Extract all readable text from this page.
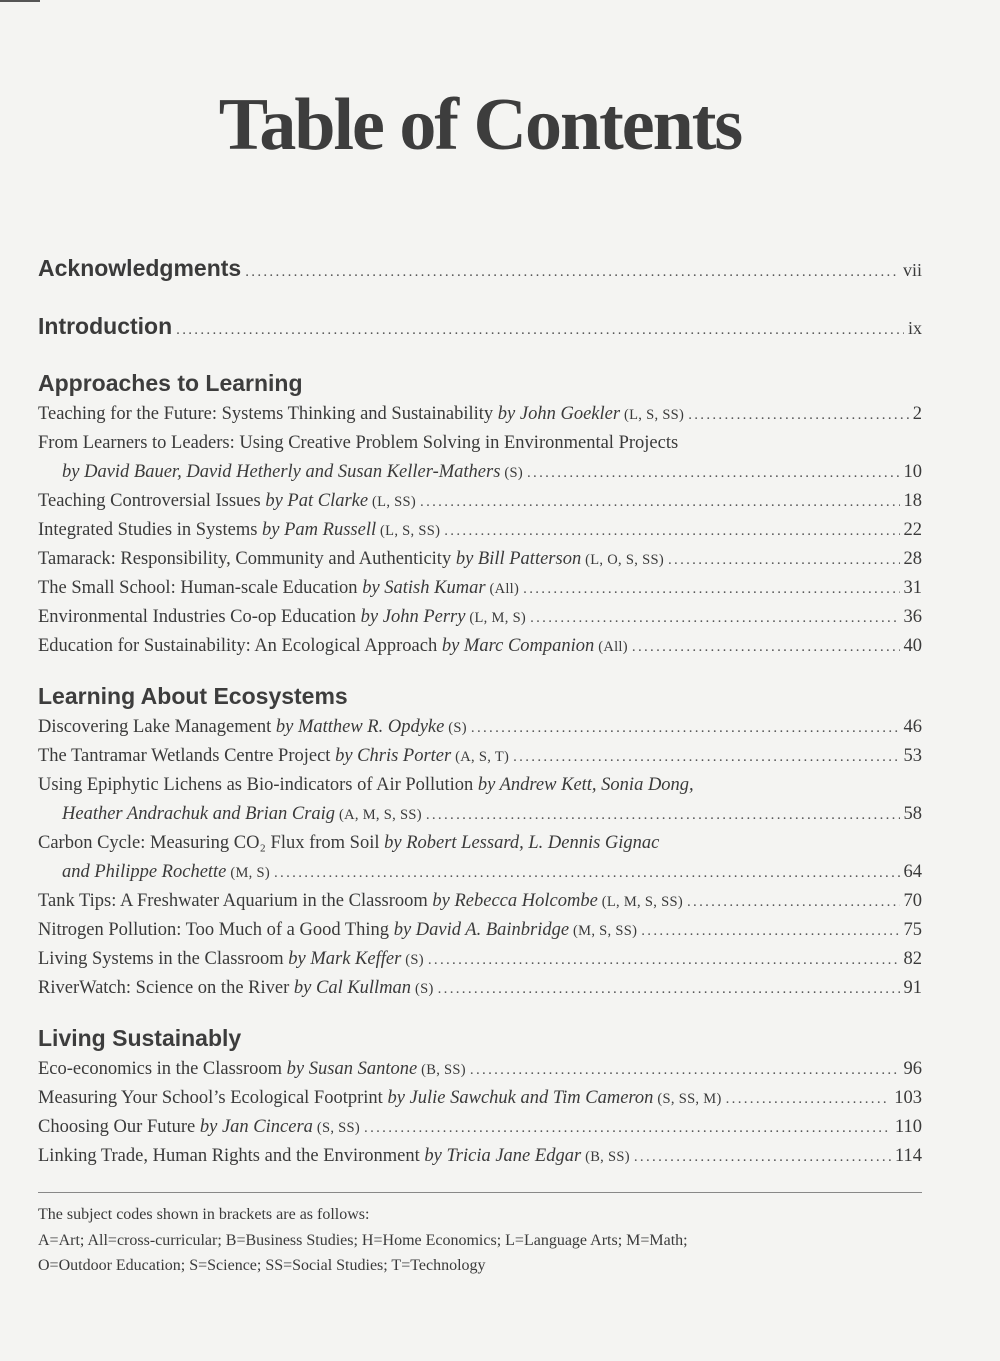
Table of Contents
Acknowledgments .....	vii
Introduction .....	ix
Approaches to Learning
Teaching for the Future: Systems Thinking and Sustainability by John Goekler (L, S, SS) .....	2
From Learners to Leaders: Using Creative Problem Solving in Environmental Projects
by David Bauer, David Hetherly and Susan Keller-Mathers (S) .....	10
Teaching Controversial Issues by Pat Clarke (L, SS) .....	18
Integrated Studies in Systems by Pam Russell (L, S, SS) .....	22
Tamarack: Responsibility, Community and Authenticity by Bill Patterson (L, O, S, SS) .....	28
The Small School: Human-scale Education by Satish Kumar (All) .....	31
Environmental Industries Co-op Education by John Perry (L, M, S) .....	36
Education for Sustainability: An Ecological Approach by Marc Companion (All) .....	40
Learning About Ecosystems
Discovering Lake Management by Matthew R. Opdyke (S) .....	46
The Tantramar Wetlands Centre Project by Chris Porter (A, S, T) .....	53
Using Epiphytic Lichens as Bio-indicators of Air Pollution by Andrew Kett, Sonia Dong,
Heather Andrachuk and Brian Craig (A, M, S, SS) .....	58
Carbon Cycle: Measuring CO₂ Flux from Soil by Robert Lessard, L. Dennis Gignac
and Philippe Rochette (M, S) .....	64
Tank Tips: A Freshwater Aquarium in the Classroom by Rebecca Holcombe (L, M, S, SS) .....	70
Nitrogen Pollution: Too Much of a Good Thing by David A. Bainbridge (M, S, SS) .....	75
Living Systems in the Classroom by Mark Keffer (S) .....	82
RiverWatch: Science on the River by Cal Kullman (S) .....	91
Living Sustainably
Eco-economics in the Classroom by Susan Santone (B, SS) .....	96
Measuring Your School’s Ecological Footprint by Julie Sawchuk and Tim Cameron (S, SS, M) .....	103
Choosing Our Future by Jan Cincera (S, SS) .....	110
Linking Trade, Human Rights and the Environment by Tricia Jane Edgar (B, SS) .....	114
The subject codes shown in brackets are as follows:
A=Art; All=cross-curricular; B=Business Studies; H=Home Economics; L=Language Arts; M=Math;
O=Outdoor Education; S=Science; SS=Social Studies; T=Technology
